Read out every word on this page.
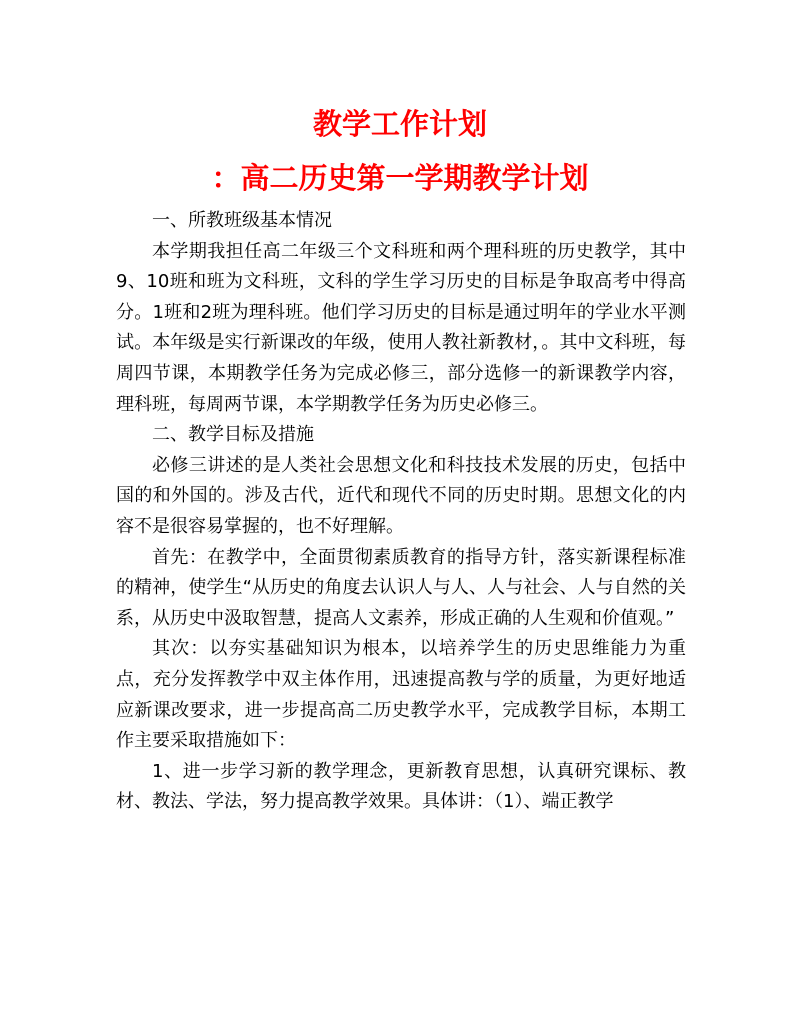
教学工作计划
：高二历史第一学期教学计划

一、所教班级基本情况

本学期我担任高二年级三个文科班和两个理科班的历史教学，其中9、10班和班为文科班，文科的学生学习历史的目标是争取高考中得高分。1班和2班为理科班。他们学习历史的目标是通过明年的学业水平测试。本年级是实行新课改的年级，使用人教社新教材，。其中文科班，每周四节课，本期教学任务为完成必修三，部分选修一的新课教学内容，理科班，每周两节课，本学期教学任务为历史必修三。

二、教学目标及措施

必修三讲述的是人类社会思想文化和科技技术发展的历史，包括中国的和外国的。涉及古代，近代和现代不同的历史时期。思想文化的内容不是很容易掌握的，也不好理解。

首先：在教学中，全面贯彻素质教育的指导方针，落实新课程标准的精神，使学生“从历史的角度去认识人与人、人与社会、人与自然的关系，从历史中汲取智慧，提高人文素养，形成正确的人生观和价值观。”

其次：以夯实基础知识为根本，以培养学生的历史思维能力为重点，充分发挥教学中双主体作用，迅速提高教与学的质量，为更好地适应新课改要求，进一步提高高二历史教学水平，完成教学目标，本期工作主要采取措施如下：

1、进一步学习新的教学理念，更新教育思想，认真研究课标、教材、教法、学法，努力提高教学效果。具体讲：（1）、端正教学
